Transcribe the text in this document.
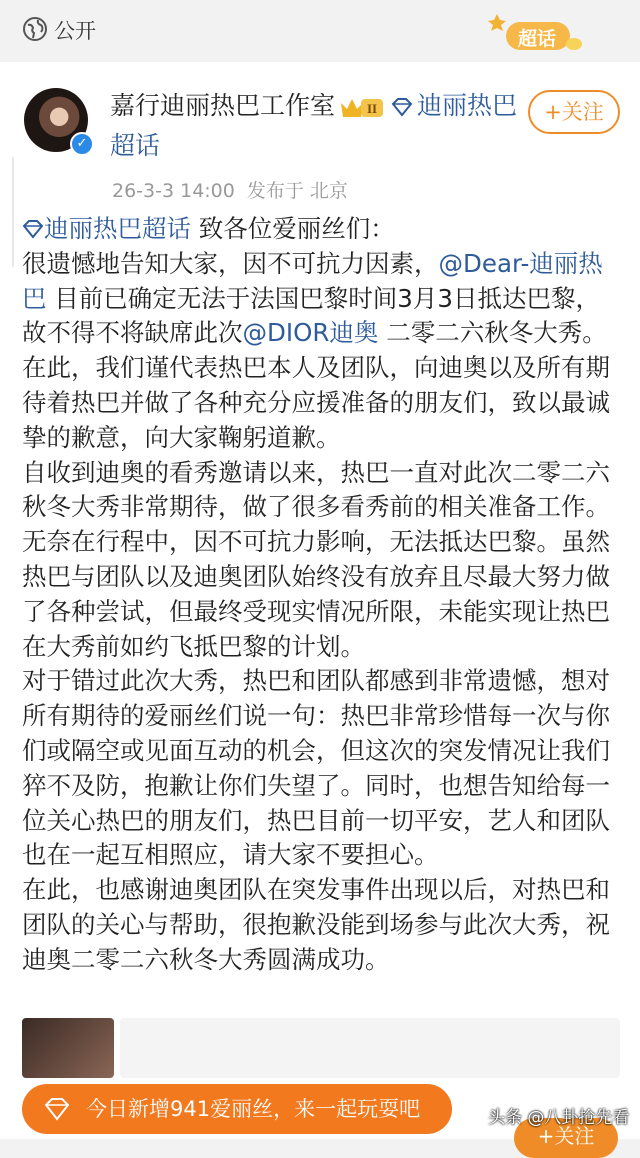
公开	超话
✓
嘉行迪丽热巴工作室 II 迪丽热巴超话
+关注
26-3-3 14:00 发布于 北京

迪丽热巴超话 致各位爱丽丝们：
很遗憾地告知大家，因不可抗力因素，@Dear-迪丽热巴 目前已确定无法于法国巴黎时间3月3日抵达巴黎，故不得不将缺席此次@DIOR迪奥 二零二六秋冬大秀。在此，我们谨代表热巴本人及团队，向迪奥以及所有期待着热巴并做了各种充分应援准备的朋友们，致以最诚挚的歉意，向大家鞠躬道歉。

自收到迪奥的看秀邀请以来，热巴一直对此次二零二六秋冬大秀非常期待，做了很多看秀前的相关准备工作。无奈在行程中，因不可抗力影响，无法抵达巴黎。虽然热巴与团队以及迪奥团队始终没有放弃且尽最大努力做了各种尝试，但最终受现实情况所限，未能实现让热巴在大秀前如约飞抵巴黎的计划。

对于错过此次大秀，热巴和团队都感到非常遗憾，想对所有期待的爱丽丝们说一句：热巴非常珍惜每一次与你们或隔空或见面互动的机会，但这次的突发情况让我们猝不及防，抱歉让你们失望了。同时，也想告知给每一位关心热巴的朋友们，热巴目前一切平安，艺人和团队也在一起互相照应，请大家不要担心。

在此，也感谢迪奥团队在突发事件出现以后，对热巴和团队的关心与帮助，很抱歉没能到场参与此次大秀，祝迪奥二零二六秋冬大秀圆满成功。

今日新增941爱丽丝，来一起玩耍吧
+关注
头条 @八卦抢先看
